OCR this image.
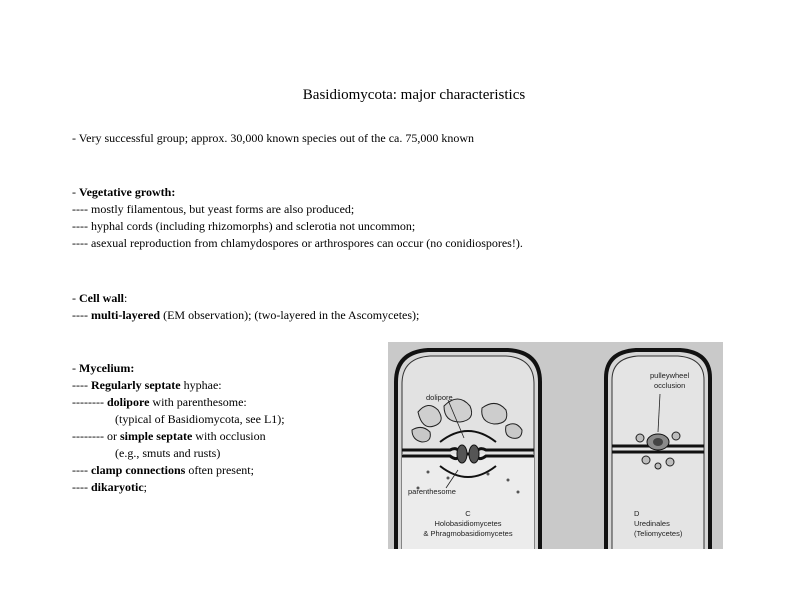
Basidiomycota: major characteristics
- Very successful group; approx. 30,000 known species out of the ca. 75,000 known
- Vegetative growth:
---- mostly filamentous, but yeast forms are also produced;
---- hyphal cords (including rhizomorphs) and sclerotia not uncommon;
---- asexual reproduction from chlamydospores or arthrospores can occur (no conidiospores!).
- Cell wall:
---- multi-layered (EM observation); (two-layered in the Ascomycetes);
- Mycelium:
---- Regularly septate hyphae:
-------- dolipore with parenthesome:
(typical of Basidiomycota, see L1);
-------- or simple septate with occlusion
(e.g., smuts and rusts)
---- clamp connections often present;
---- dikaryotic;
dolipore
parenthesome
C
Holobasidiomycetes
& Phragmobasidiomycetes
pulleywheel
occlusion
D
Uredinales
(Teliomycetes)
